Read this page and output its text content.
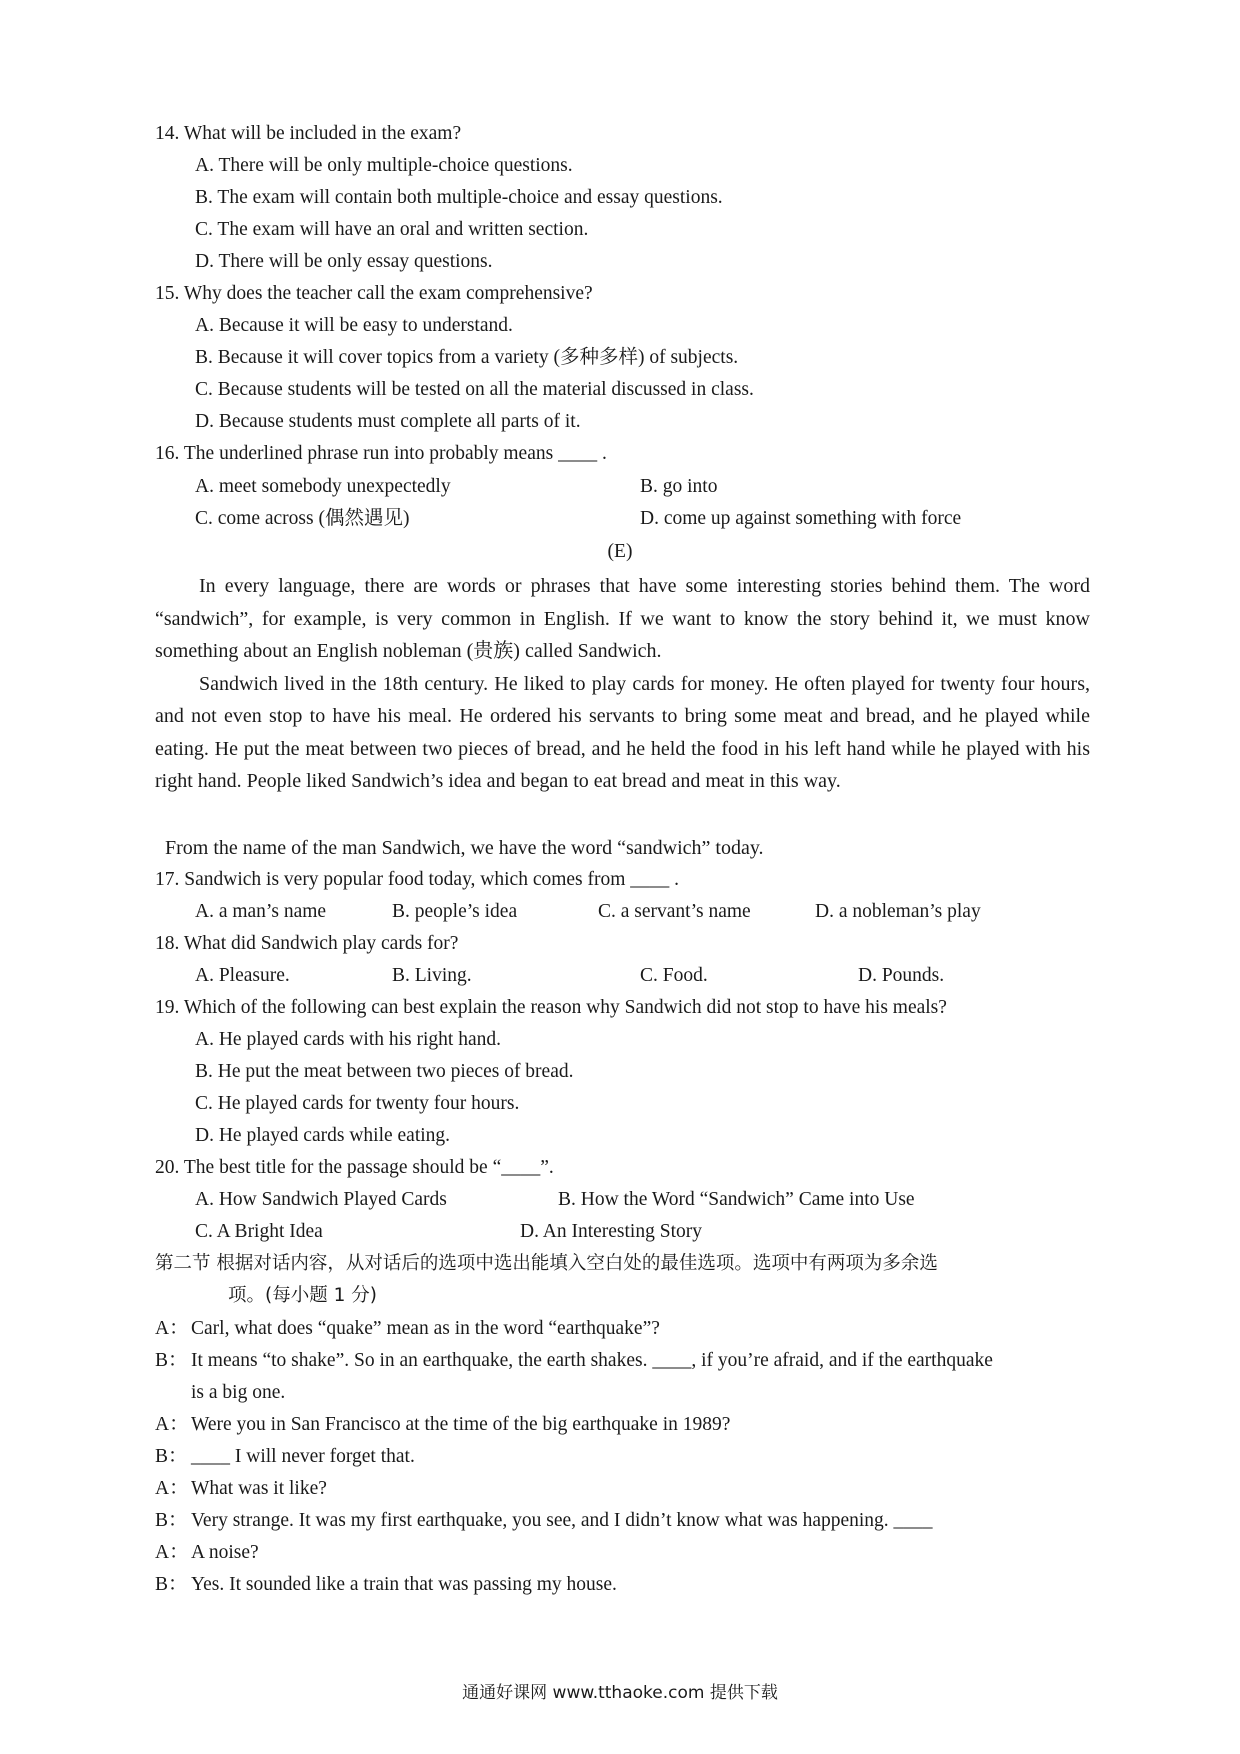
14. What will be included in the exam?
A. There will be only multiple-choice questions.
B. The exam will contain both multiple-choice and essay questions.
C. The exam will have an oral and written section.
D. There will be only essay questions.
15. Why does the teacher call the exam comprehensive?
A. Because it will be easy to understand.
B. Because it will cover topics from a variety (多种多样) of subjects.
C. Because students will be tested on all the material discussed in class.
D. Because students must complete all parts of it.
16. The underlined phrase run into probably means ____ .
A. meet somebody unexpectedly	B. go into
C. come across (偶然遇见)	D. come up against something with force
(E)

In every language, there are words or phrases that have some interesting stories behind them. The word “sandwich”, for example, is very common in English. If we want to know the story behind it, we must know something about an English nobleman (贵族) called Sandwich.

Sandwich lived in the 18th century. He liked to play cards for money. He often played for twenty four hours, and not even stop to have his meal. He ordered his servants to bring some meat and bread, and he played while eating. He put the meat between two pieces of bread, and he held the food in his left hand while he played with his right hand. People liked Sandwich’s idea and began to eat bread and meat in this way.

From the name of the man Sandwich, we have the word “sandwich” today.
17. Sandwich is very popular food today, which comes from ____ .
A. a man’s name	B. people’s idea	C. a servant’s name	D. a nobleman’s play
18. What did Sandwich play cards for?
A. Pleasure.	B. Living.	C. Food.	D. Pounds.
19. Which of the following can best explain the reason why Sandwich did not stop to have his meals?
A. He played cards with his right hand.
B. He put the meat between two pieces of bread.
C. He played cards for twenty four hours.
D. He played cards while eating.
20. The best title for the passage should be “____”.
A. How Sandwich Played Cards	B. How the Word “Sandwich” Came into Use
C. A Bright Idea	D. An Interesting Story
第二节 根据对话内容，从对话后的选项中选出能填入空白处的最佳选项。选项中有两项为多余选
项。(每小题 1 分)
A： Carl, what does “quake” mean as in the word “earthquake”?
B： It means “to shake”. So in an earthquake, the earth shakes. ____, if you’re afraid, and if the earthquake
is a big one.
A： Were you in San Francisco at the time of the big earthquake in 1989?
B： ____ I will never forget that.
A： What was it like?
B： Very strange. It was my first earthquake, you see, and I didn’t know what was happening. ____
A： A noise?
B： Yes. It sounded like a train that was passing my house.
通通好课网 www.tthaoke.com 提供下载
